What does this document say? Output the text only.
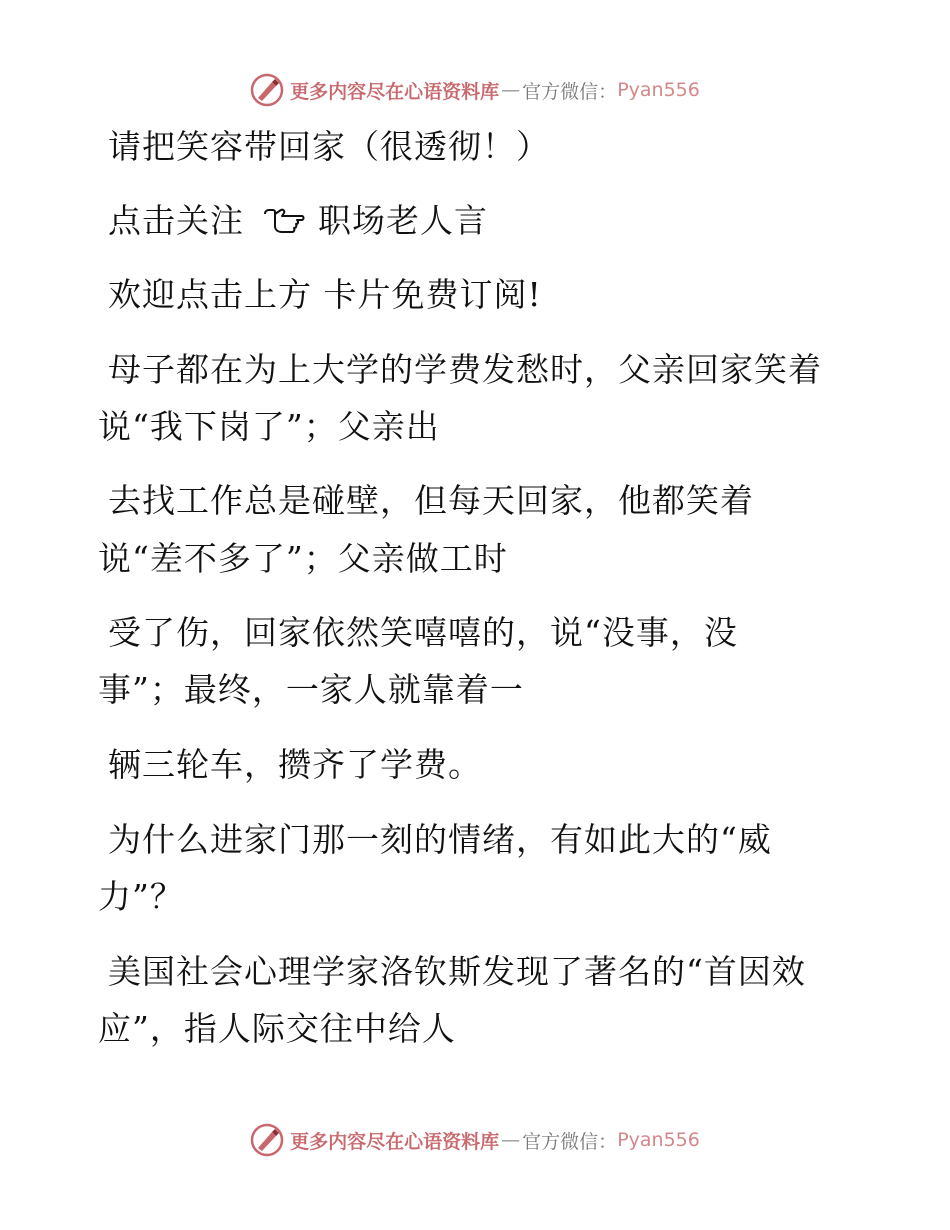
更多内容尽在心语资料库 — 官方微信： Pyan556
请把笑容带回家（很透彻！）
点击关注 职场老人言
欢迎点击上方 卡片免费订阅!
母子都在为上大学的学费发愁时，父亲回家笑着
说“我下岗了”；父亲出
去找工作总是碰壁，但每天回家，他都笑着
说“差不多了”；父亲做工时
受了伤，回家依然笑嘻嘻的，说“没事，没
事”；最终，一家人就靠着一
辆三轮车，攒齐了学费。
为什么进家门那一刻的情绪，有如此大的“威
力”？
美国社会心理学家洛钦斯发现了著名的“首因效
应”，指人际交往中给人
更多内容尽在心语资料库 — 官方微信： Pyan556
